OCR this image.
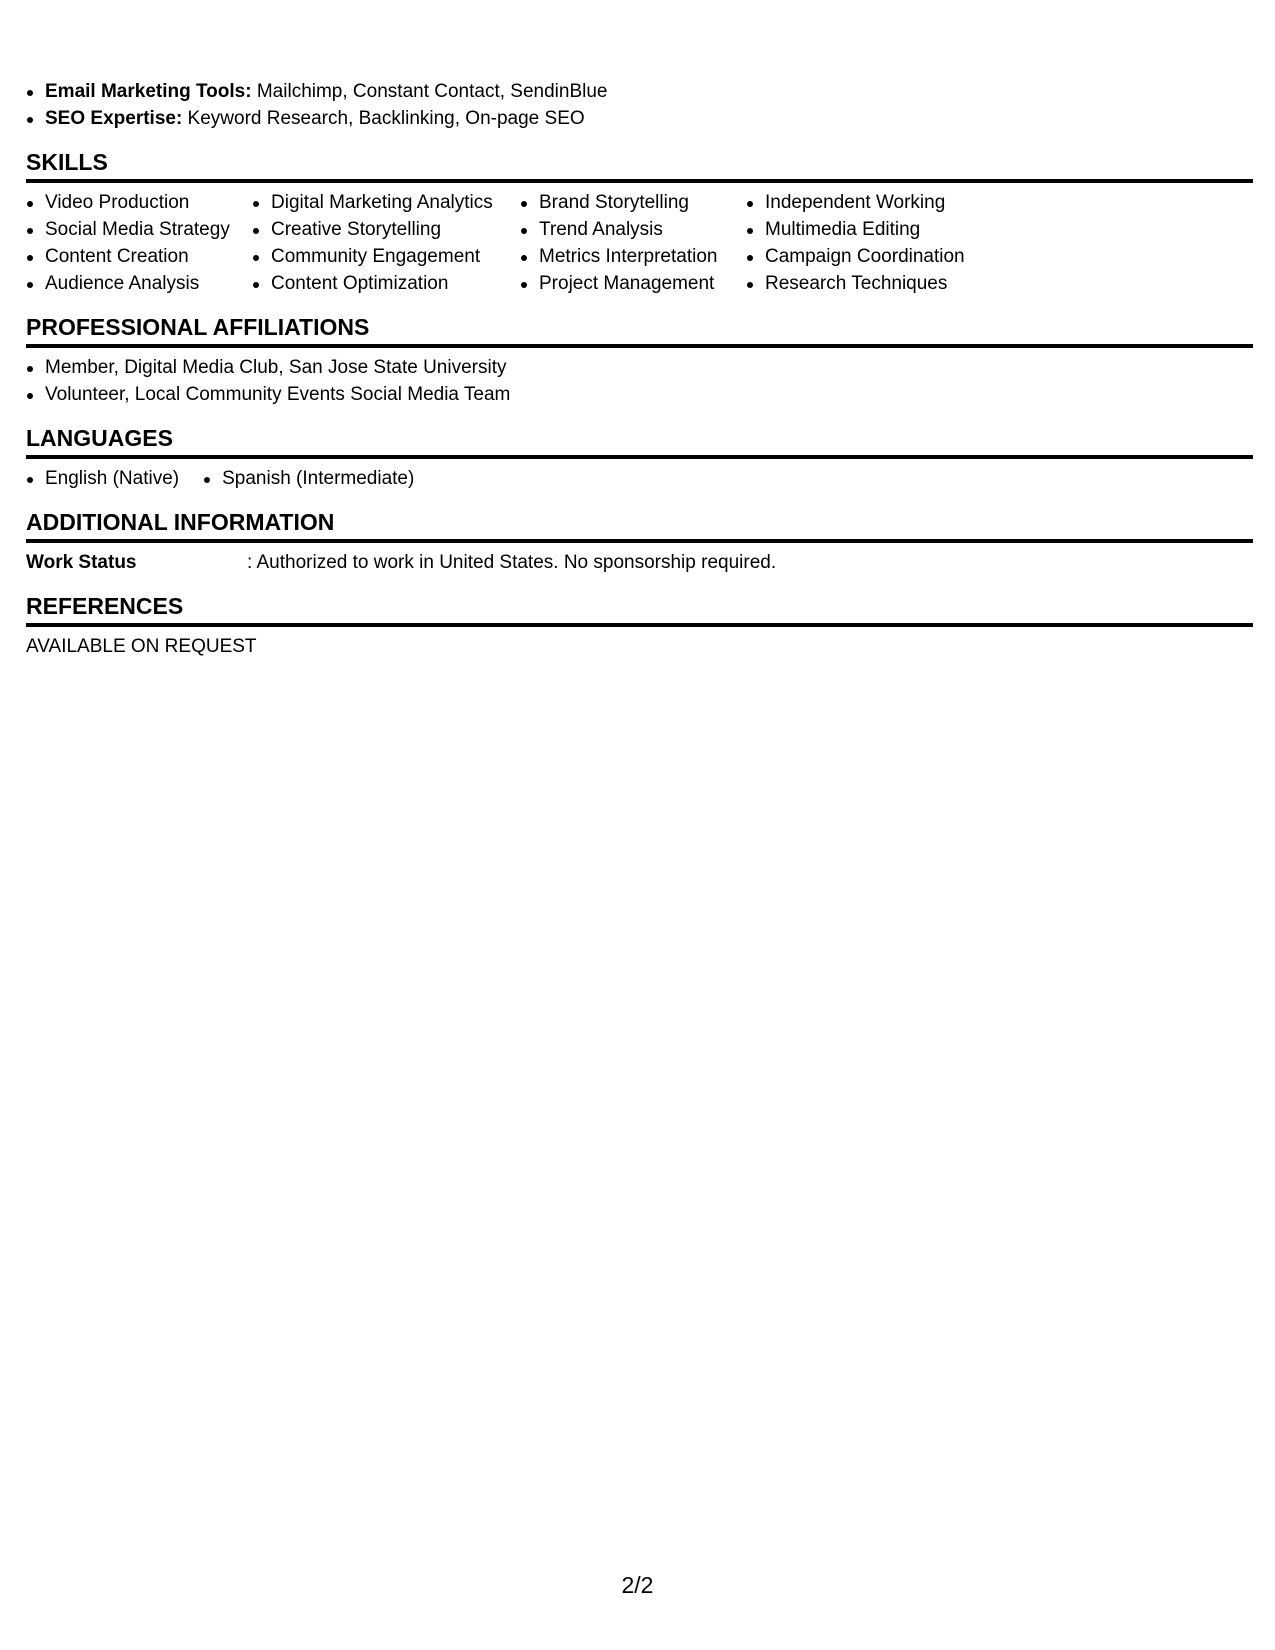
Email Marketing Tools: Mailchimp, Constant Contact, SendinBlue
SEO Expertise: Keyword Research, Backlinking, On-page SEO
SKILLS
Video Production
Social Media Strategy
Content Creation
Audience Analysis
Digital Marketing Analytics
Creative Storytelling
Community Engagement
Content Optimization
Brand Storytelling
Trend Analysis
Metrics Interpretation
Project Management
Independent Working
Multimedia Editing
Campaign Coordination
Research Techniques
PROFESSIONAL AFFILIATIONS
Member, Digital Media Club, San Jose State University
Volunteer, Local Community Events Social Media Team
LANGUAGES
English (Native)	Spanish (Intermediate)
ADDITIONAL INFORMATION
Work Status	: Authorized to work in United States. No sponsorship required.
REFERENCES
AVAILABLE ON REQUEST
2/2
